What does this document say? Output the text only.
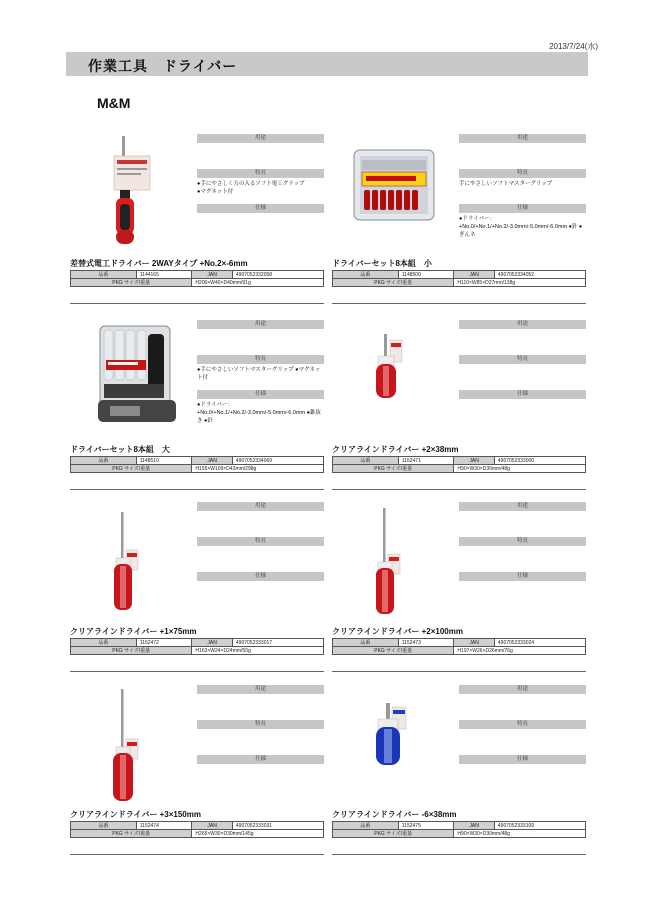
2013/7/24(水)
作業工具　ドライバー
M&M
用途
特長
●手にやさしく力の入るソフト電工グリップ
●マグネット付
仕様
差替式電工ドライバー 2WAYタイプ +No.2×-6mm
品番	1144165	JAN	4907052332058
PKG サイズ/重量		H200×W40×D40mm/91g	
用途
特長
手にやさしいソフトマスターグリップ
仕様
●ドライバー：+No.0/+No.1/+No.2/-3.0mm/-5.0mm/-6.0mm ●針 ●ぎんネ
ドライバーセット8本組　小
品番	1148500	JAN	4907052334052
PKG サイズ/重量		H110×W85×D27mm/138g	
用途
特長
●手にやさしいソフトマスターグリップ ●マグネット付
仕様
●ドライバー：+No.0/+No.1/+No.2/-3.0mm/-5.0mm/-6.0mm ●錐抜き ●針
ドライバーセット8本組　大
品番	1148510	JAN	4907052334069
PKG サイズ/重量		H155×W109×D43mm/298g	
用途
特長
仕様
クリアラインドライバー +2×38mm
品番	1152471	JAN	4907052333000
PKG サイズ/重量		H90×W30×D30mm/48g	
用途
特長
仕様
クリアラインドライバー +1×75mm
品番	1152472	JAN	4907052333017
PKG サイズ/重量		H163×W24×D24mm/50g	
用途
特長
仕様
クリアラインドライバー +2×100mm
品番	1152473	JAN	4907052333024
PKG サイズ/重量		H197×W26×D26mm/76g	
用途
特長
仕様
クリアラインドライバー +3×150mm
品番	1152474	JAN	4907052333031
PKG サイズ/重量		H265×W30×D30mm/145g	
用途
特長
仕様
クリアラインドライバー -6×38mm
品番	1152475	JAN	4907052333109
PKG サイズ/重量		H90×W30×D30mm/48g	
